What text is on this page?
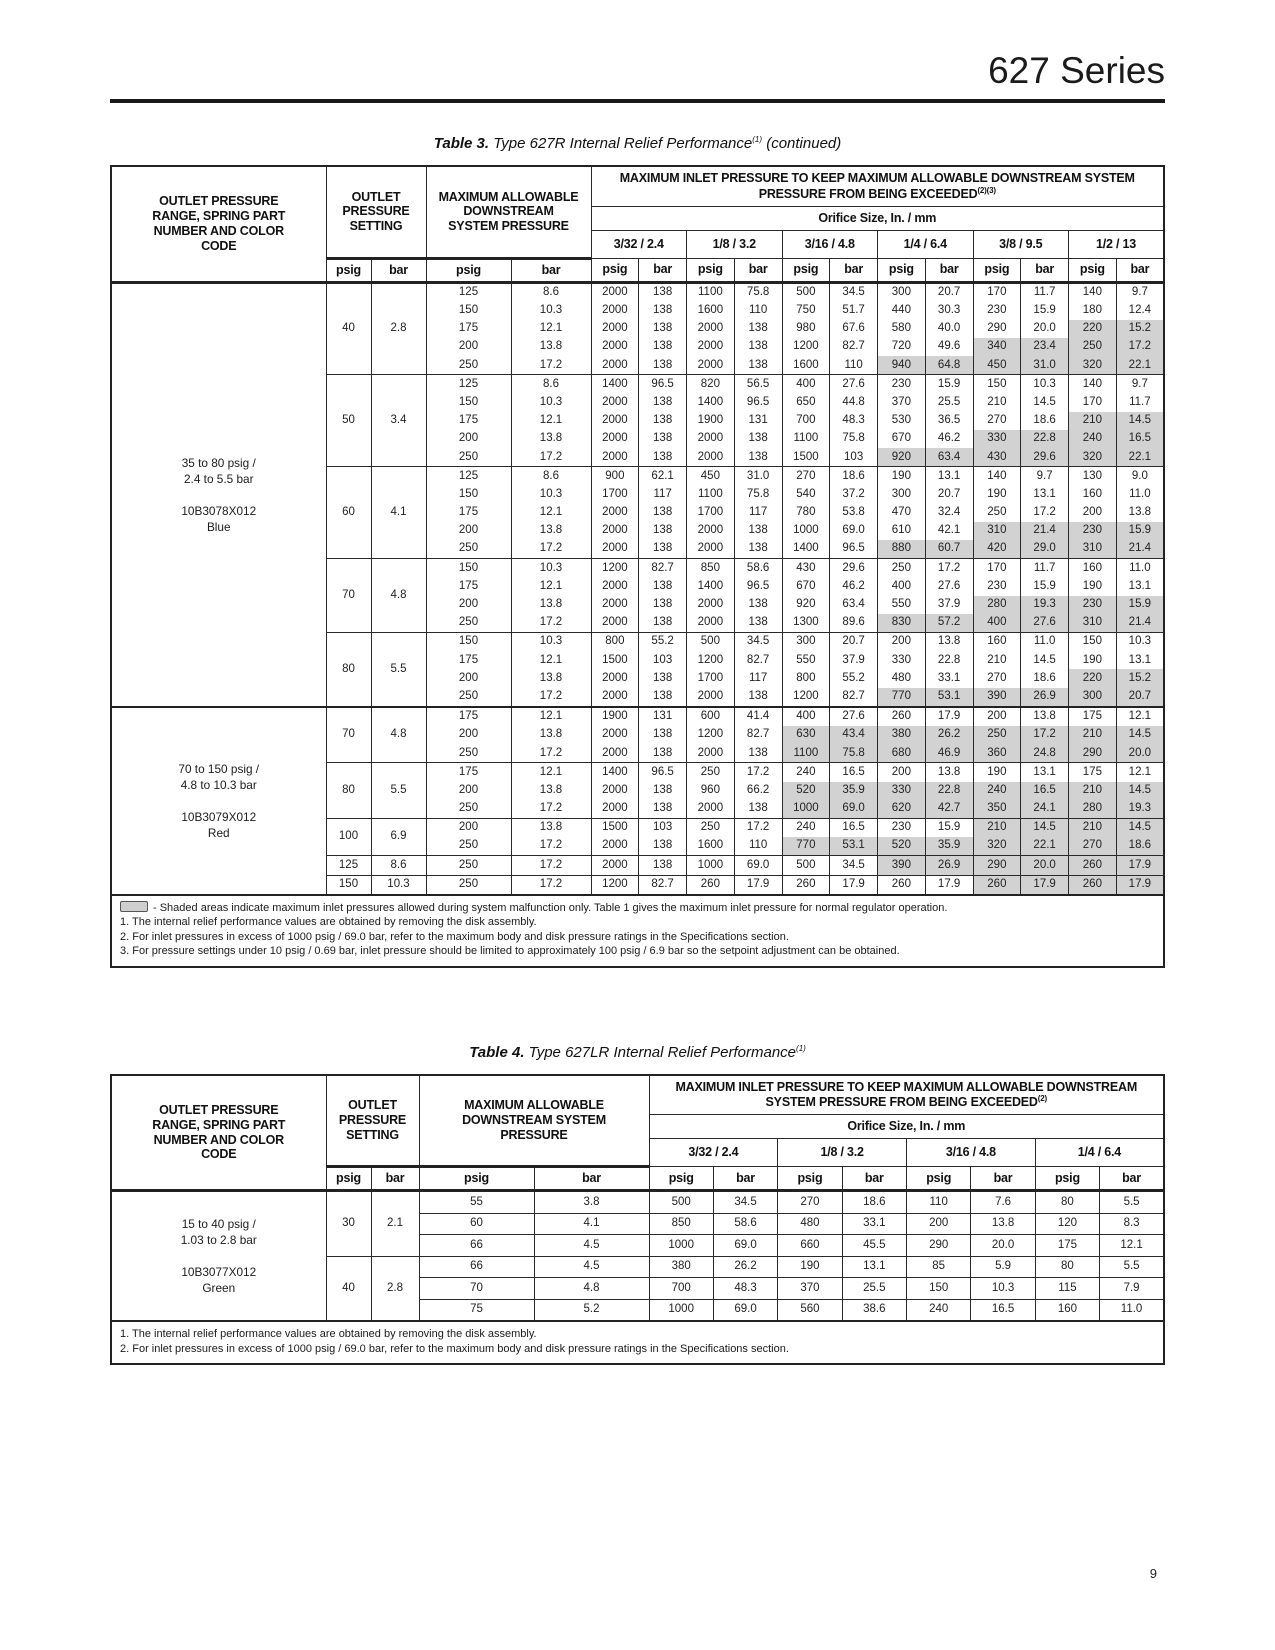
627 Series
Table 3. Type 627R Internal Relief Performance$^{(1)}$ (continued)
OUTLET PRESSURE RANGE, SPRING PART NUMBER AND COLOR CODE	OUTLET PRESSURE SETTING		MAXIMUM ALLOWABLE DOWNSTREAM SYSTEM PRESSURE		MAXIMUM INLET PRESSURE TO KEEP MAXIMUM ALLOWABLE DOWNSTREAM SYSTEM PRESSURE FROM BEING $EXCEEDED^{(2)(3)}$
					Orifice Size, In. / mm											
					3/32 / 2.4		1/8 / 3.2		3/16 / 4.8		1/4 / 6.4		3/8 / 9.5		1/2 / 13	
	psig	bar	psig	bar	psig	bar	psig	bar	psig	bar	psig	bar	psig	bar	psig	bar

35 to 80 psig /
2.4 to 5.5 bar
10B3078X012
Blue	40	2.8	125	8.6	2000	138	1100	75.8	500	34.5	300	20.7	170	11.7	140	9.7
			150	10.3	2000	138	1600	110	750	51.7	440	30.3	230	15.9	180	12.4
			175	12.1	2000	138	2000	138	980	67.6	580	40.0	290	20.0	220	15.2
			200	13.8	2000	138	2000	138	1200	82.7	720	49.6	340	23.4	250	17.2
			250	17.2	2000	138	2000	138	1600	110	940	64.8	450	31.0	320	22.1
	50	3.4	125	8.6	1400	96.5	820	56.5	400	27.6	230	15.9	150	10.3	140	9.7
			150	10.3	2000	138	1400	96.5	650	44.8	370	25.5	210	14.5	170	11.7
			175	12.1	2000	138	1900	131	700	48.3	530	36.5	270	18.6	210	14.5
			200	13.8	2000	138	2000	138	1100	75.8	670	46.2	330	22.8	240	16.5
			250	17.2	2000	138	2000	138	1500	103	920	63.4	430	29.6	320	22.1
	60	4.1	125	8.6	900	62.1	450	31.0	270	18.6	190	13.1	140	9.7	130	9.0
			150	10.3	1700	117	1100	75.8	540	37.2	300	20.7	190	13.1	160	11.0
			175	12.1	2000	138	1700	117	780	53.8	470	32.4	250	17.2	200	13.8
			200	13.8	2000	138	2000	138	1000	69.0	610	42.1	310	21.4	230	15.9
			250	17.2	2000	138	2000	138	1400	96.5	880	60.7	420	29.0	310	21.4
	70	4.8	150	10.3	1200	82.7	850	58.6	430	29.6	250	17.2	170	11.7	160	11.0
			175	12.1	2000	138	1400	96.5	670	46.2	400	27.6	230	15.9	190	13.1
			200	13.8	2000	138	2000	138	920	63.4	550	37.9	280	19.3	230	15.9
			250	17.2	2000	138	2000	138	1300	89.6	830	57.2	400	27.6	310	21.4
	80	5.5	150	10.3	800	55.2	500	34.5	300	20.7	200	13.8	160	11.0	150	10.3
			175	12.1	1500	103	1200	82.7	550	37.9	330	22.8	210	14.5	190	13.1
			200	13.8	2000	138	1700	117	800	55.2	480	33.1	270	18.6	220	15.2
			250	17.2	2000	138	2000	138	1200	82.7	770	53.1	390	26.9	300	20.7

70 to 150 psig /
4.8 to 10.3 bar
10B3079X012
Red	70	4.8	175	12.1	1900	131	600	41.4	400	27.6	260	17.9	200	13.8	175	12.1
			200	13.8	2000	138	1200	82.7	630	43.4	380	26.2	250	17.2	210	14.5
			250	17.2	2000	138	2000	138	1100	75.8	680	46.9	360	24.8	290	20.0
	80	5.5	175	12.1	1400	96.5	250	17.2	240	16.5	200	13.8	190	13.1	175	12.1
			200	13.8	2000	138	960	66.2	520	35.9	330	22.8	240	16.5	210	14.5
			250	17.2	2000	138	2000	138	1000	69.0	620	42.7	350	24.1	280	19.3
	100	6.9	200	13.8	1500	103	250	17.2	240	16.5	230	15.9	210	14.5	210	14.5
			250	17.2	2000	138	1600	110	770	53.1	520	35.9	320	22.1	270	18.6
	125	8.6	250	17.2	2000	138	1000	69.0	500	34.5	390	26.9	290	20.0	260	17.9
	150	10.3	250	17.2	1200	82.7	260	17.9	260	17.9	260	17.9	260	17.9	260	17.9

- Shaded areas indicate maximum inlet pressures allowed during system malfunction only. Table 1 gives the maximum inlet pressure for normal regulator operation.
1. The internal relief performance values are obtained by removing the disk assembly.
2. For inlet pressures in excess of 1000 psig / 69.0 bar, refer to the maximum body and disk pressure ratings in the Specifications section.
3. For pressure settings under 10 psig / 0.69 bar, inlet pressure should be limited to approximately 100 psig / 6.9 bar so the setpoint adjustment can be obtained.																
Table 4. Type 627LR Internal Relief Performance$^{(1)}$
OUTLET PRESSURE RANGE, SPRING PART NUMBER AND COLOR CODE	OUTLET PRESSURE SETTING		MAXIMUM ALLOWABLE DOWNSTREAM SYSTEM PRESSURE		MAXIMUM INLET PRESSURE TO KEEP MAXIMUM ALLOWABLE DOWNSTREAM SYSTEM PRESSURE FROM BEING EXCEEDED$^{(2)}$
					Orifice Size, In. / mm							
					3/32 / 2.4		1/8 / 3.2		3/16 / 4.8		1/4 / 6.4	
	psig	bar	psig	bar	psig	bar	psig	bar	psig	bar	psig	bar

15 to 40 psig /
1.03 to 2.8 bar
10B3077X012
Green	30	2.1	55	3.8	500	34.5	270	18.6	110	7.6	80	5.5
			60	4.1	850	58.6	480	33.1	200	13.8	120	8.3
			66	4.5	1000	69.0	660	45.5	290	20.0	175	12.1
	40	2.8	66	4.5	380	26.2	190	13.1	85	5.9	80	5.5
			70	4.8	700	48.3	370	25.5	150	10.3	115	7.9
			75	5.2	1000	69.0	560	38.6	240	16.5	160	11.0

1. The internal relief performance values are obtained by removing the disk assembly.
2. For inlet pressures in excess of 1000 psig / 69.0 bar, refer to the maximum body and disk pressure ratings in the Specifications section.												
9
